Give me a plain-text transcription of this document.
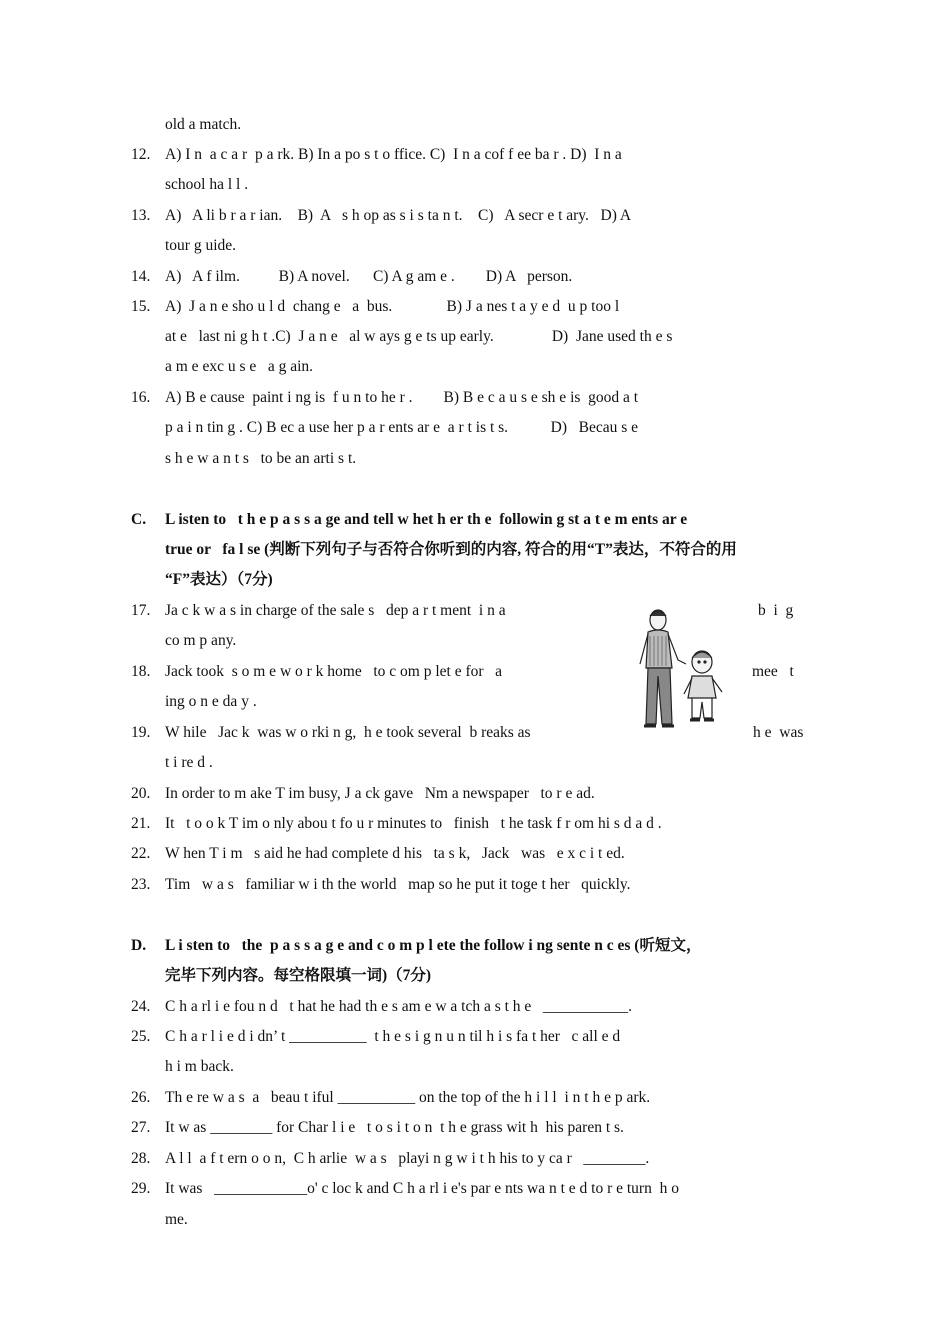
old a match.
12. A) I n  a c a r  p a rk. B) In a po s t o ffice. C)  I n a cof f ee ba r . D)  I n a
school ha l l .
13. A)   A li b r a r ian.    B)  A   s h op as s i s ta n t.    C)   A secr e t ary.   D) A
tour g uide.
14. A)   A f ilm.          B) A novel.      C) A g am e .        D) A   person.
15. A)  J a n e sho u l d  chang e   a  bus.              B) J a nes t a y e d  u p too l
at e   last ni g h t .C)  J a n e   al w ays g e ts up early.               D)  Jane used th e s
a m e exc u s e   a g ain.
16. A) B e cause  paint i ng is  f u n to he r .        B) B e c a u s e sh e is  good a t
p a i n tin g . C) B ec a use her p a r ents ar e  a r t is t s.           D)   Becau s e
s h e w a n t s   to be an arti s t.
C.	L isten to   t h e p a s s a ge and tell w het h er th e  followin g st a t e m ents ar e
true or   fa l se (判断下列句子与否符合你听到的内容, 符合的用“T”表达，不符合的用
“F”表达）（7分)
17. Ja c k w a s in charge of the sale s   dep a r t ment  i n a
co m p any.
18. Jack took  s o m e w o r k home   to c om p let e for   a
ing o n e da y .
19. W hile   Jac k  was w o rki n g,  h e took several  b reaks as
t i re d .
20. In order to m ake T im busy, J a ck gave   Nm a newspaper   to r e ad.
21. It   t o o k T im o nly abou t fo u r minutes to   finish   t he task f r om hi s d a d .
22. W hen T i m   s aid he had complete d his   ta s k,   Jack   was   e x c i t ed.
23. Tim   w a s   familiar w i th the world   map so he put it toge t her   quickly.
D.	L i sten to   the  p a s s a g e and c o m p l ete the follow i ng sente n c es (听短文，
完毕下列内容。每空格限填一词)（7分)
24. C h a rl i e fou n d   t hat he had th e s am e w a tch a s t h e   ___________.
25. C h a r l i e d i dn’ t __________  t h e s i g n u n til h i s fa t her   c all e d
h i m back.
26. Th e re w a s  a   beau t iful __________ on the top of the h i l l  i n t h e p ark.
27. It w as ________ for Char l i e   t o s i t o n  t h e grass wit h  his paren t s.
28. A l l  a f t ern o o n,  C h arlie  w a s   playi n g w i t h his to y ca r   ________.
29. It was   ____________o' c loc k and C h a rl i e's par e nts wa n t e d to r e turn  h o
me.
b  i  g
mee   t
h e  was
